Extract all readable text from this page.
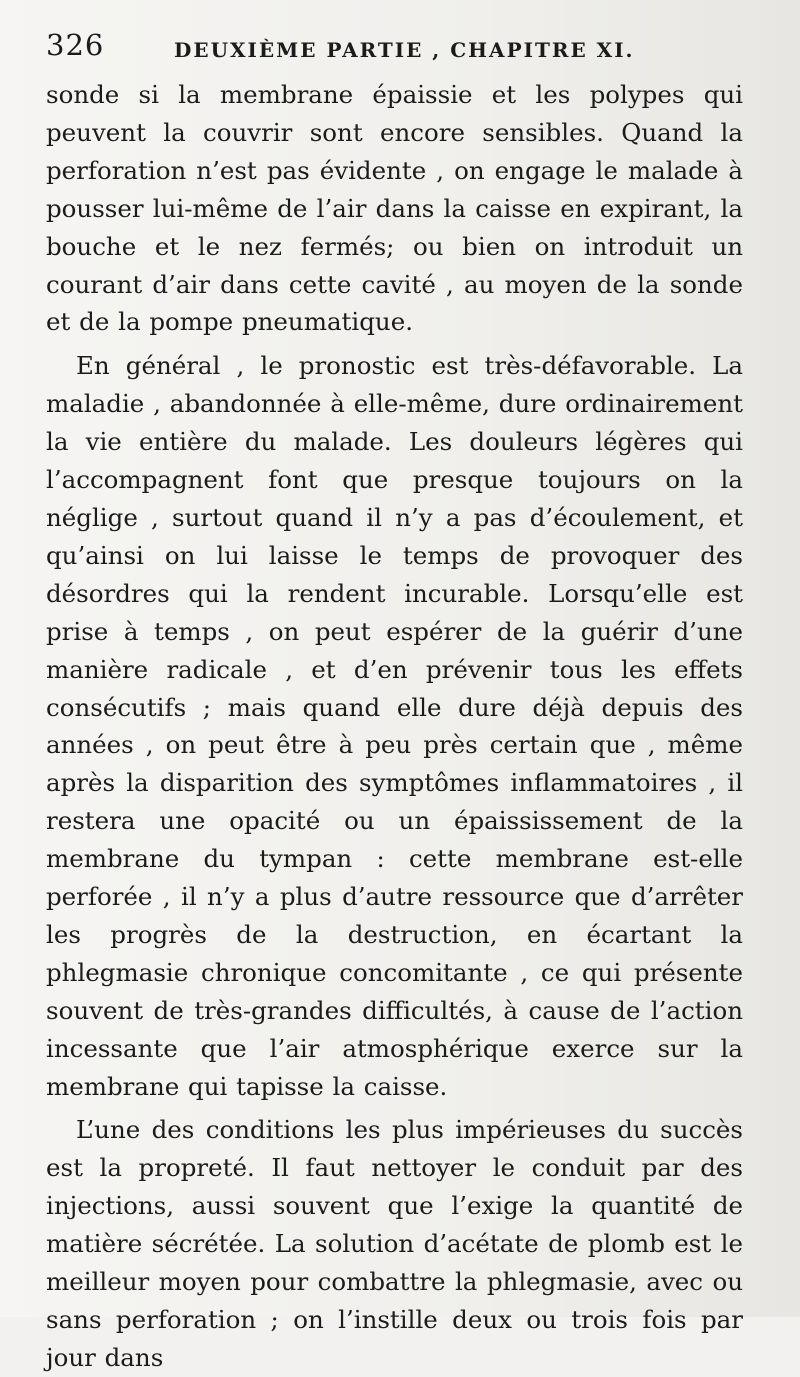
326	DEUXIÈME PARTIE , CHAPITRE XI.

sonde si la membrane épaissie et les polypes qui peuvent la couvrir sont encore sensibles. Quand la perforation n’est pas évidente , on engage le malade à pousser lui-même de l’air dans la caisse en expirant, la bouche et le nez fermés; ou bien on introduit un courant d’air dans cette cavité , au moyen de la sonde et de la pompe pneumatique.

En général , le pronostic est très-défavorable. La maladie , abandonnée à elle-même, dure ordinairement la vie entière du malade. Les douleurs légères qui l’accompagnent font que presque toujours on la néglige , surtout quand il n’y a pas d’écoulement, et qu’ainsi on lui laisse le temps de provoquer des désordres qui la rendent incurable. Lorsqu’elle est prise à temps , on peut espérer de la guérir d’une manière radicale , et d’en prévenir tous les effets consécutifs ; mais quand elle dure déjà depuis des années , on peut être à peu près certain que , même après la disparition des symptômes inflammatoires , il restera une opacité ou un épaississement de la membrane du tympan : cette membrane est-elle perforée , il n’y a plus d’autre ressource que d’arrêter les progrès de la destruction, en écartant la phlegmasie chronique concomitante , ce qui présente souvent de très-grandes difficultés, à cause de l’action incessante que l’air atmosphérique exerce sur la membrane qui tapisse la caisse.

L’une des conditions les plus impérieuses du succès est la propreté. Il faut nettoyer le conduit par des injections, aussi souvent que l’exige la quantité de matière sécrétée. La solution d’acétate de plomb est le meilleur moyen pour combattre la phlegmasie, avec ou sans perforation ; on l’instille deux ou trois fois par jour dans
